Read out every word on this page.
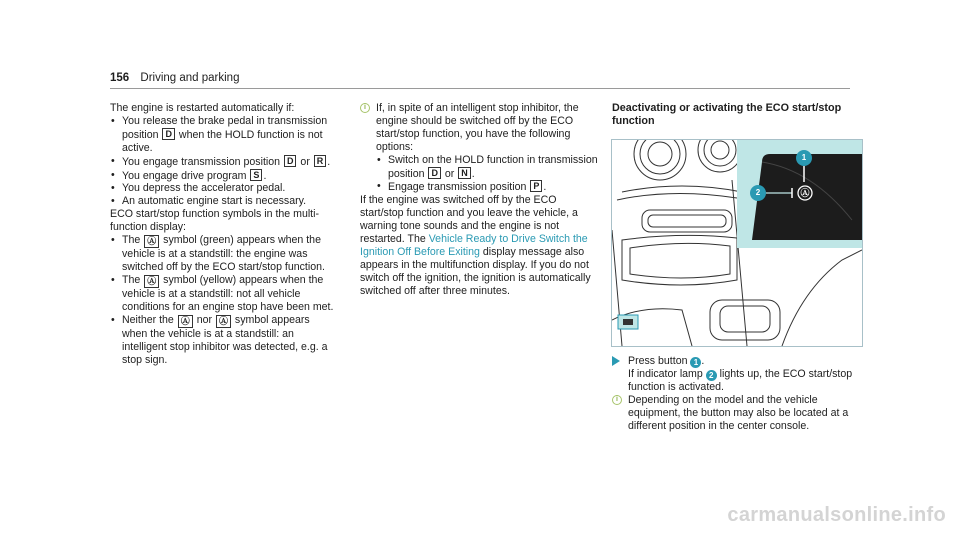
156 Driving and parking

The engine is restarted automatically if:

• You release the brake pedal in transmission position D when the HOLD function is not active.
• You engage transmission position D or R .
• You engage drive program S .
• You depress the accelerator pedal.
• An automatic engine start is necessary.

ECO start/stop function symbols in the multi-function display:

• The Ⓐ symbol (green) appears when the vehicle is at a standstill: the engine was switched off by the ECO start/stop function.
• The Ⓐ symbol (yellow) appears when the vehicle is at a standstill: not all vehicle conditions for an engine stop have been met.
• Neither the Ⓐ nor Ⓐ symbol appears when the vehicle is at a standstill: an intelligent stop inhibitor was detected, e.g. a stop sign.
i If, in spite of an intelligent stop inhibitor, the engine should be switched off by the ECO start/stop function, you have the following options:

• Switch on the HOLD function in transmission position D or N .
• Engage transmission position P .

If the engine was switched off by the ECO start/stop function and you leave the vehicle, a warning tone sounds and the engine is not restarted. The Vehicle Ready to Drive Switch the Ignition Off Before Exiting display message also appears in the multifunction display. If you do not switch off the ignition, the ignition is automatically switched off after three minutes.

Deactivating or activating the ECO start/stop function

1
2	Ⓐ

Press button 1 .

If indicator lamp 2 lights up, the ECO start/stop function is activated.

i Depending on the model and the vehicle equipment, the button may also be located at a different position in the center console.

carmanualsonline.info
